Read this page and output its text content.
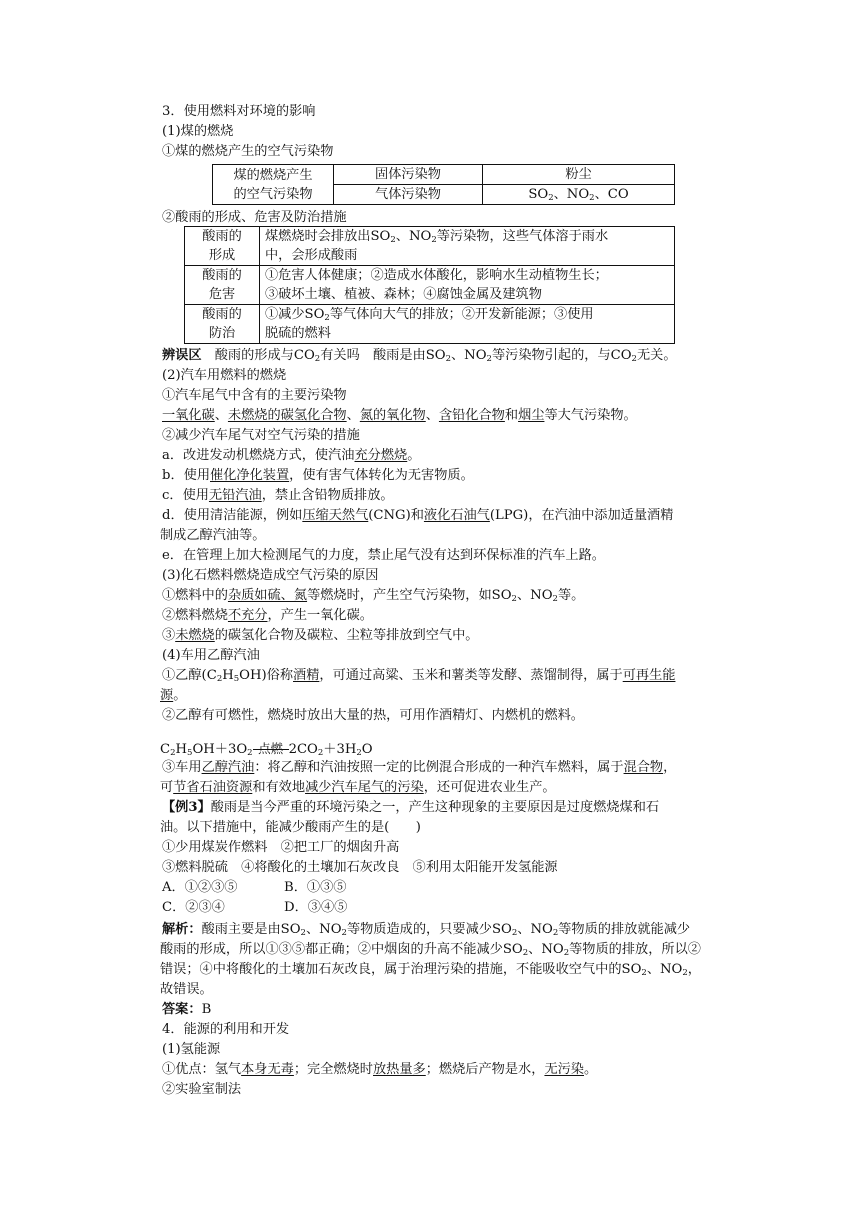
3．使用燃料对环境的影响
(1)煤的燃烧
①煤的燃烧产生的空气污染物
煤的燃烧产生
的空气污染物	固体污染物	粉尘
	气体污染物	$SO_2$、$NO_2$、CO
②酸雨的形成、危害及防治措施
酸雨的
形成	煤燃烧时会排放出$SO_2$、$NO_2$等污染物，这些气体溶于雨水
中，会形成酸雨
酸雨的
危害	①危害人体健康；②造成水体酸化，影响水生动植物生长；
③破坏土壤、植被、森林；④腐蚀金属及建筑物
酸雨的
防治	①减少$SO_2$等气体向大气的排放；②开发新能源；③使用
脱硫的燃料
辨误区　酸雨的形成与$CO_2$有关吗　酸雨是由$SO_2$、$NO_2$等污染物引起的，与$CO_2$无关。
(2)汽车用燃料的燃烧
①汽车尾气中含有的主要污染物
一氧化碳、未燃烧的碳氢化合物、氮的氧化物、含铅化合物和烟尘等大气污染物。
②减少汽车尾气对空气污染的措施
a．改进发动机燃烧方式，使汽油充分燃烧。
b．使用催化净化装置，使有害气体转化为无害物质。
c．使用无铅汽油，禁止含铅物质排放。
d．使用清洁能源，例如压缩天然气(CNG)和液化石油气(LPG)，在汽油中添加适量酒精
制成乙醇汽油等。
e．在管理上加大检测尾气的力度，禁止尾气没有达到环保标准的汽车上路。
(3)化石燃料燃烧造成空气污染的原因
①燃料中的杂质如硫、氮等燃烧时，产生空气污染物，如$SO_2$、$NO_2$等。
②燃料燃烧不充分，产生一氧化碳。
③未燃烧的碳氢化合物及碳粒、尘粒等排放到空气中。
(4)车用乙醇汽油
①乙醇$(C_2H_5OH)$俗称酒精，可通过高粱、玉米和薯类等发酵、蒸馏制得，属于可再生能
源。
②乙醇有可燃性，燃烧时放出大量的热，可用作酒精灯、内燃机的燃料。
$C_2H_5OH+3O_2$ 点燃 $2CO_2+3H_2O$
③车用乙醇汽油：将乙醇和汽油按照一定的比例混合形成的一种汽车燃料，属于混合物，
可节省石油资源和有效地减少汽车尾气的污染，还可促进农业生产。
【例3】酸雨是当今严重的环境污染之一，产生这种现象的主要原因是过度燃烧煤和石
油。以下措施中，能减少酸雨产生的是(　　)
①少用煤炭作燃料　②把工厂的烟囱升高
③燃料脱硫　④将酸化的土壤加石灰改良　⑤利用太阳能开发氢能源
A．①②③⑤	B．①③⑤
C．②③④	D．③④⑤
解析：酸雨主要是由$SO_2$、$NO_2$等物质造成的，只要减少$SO_2$、$NO_2$等物质的排放就能减少
酸雨的形成，所以①③⑤都正确；②中烟囱的升高不能减少$SO_2$、$NO_2$等物质的排放，所以②
错误；④中将酸化的土壤加石灰改良，属于治理污染的措施，不能吸收空气中的$SO_2$、$NO_2$，
故错误。
答案：B
4．能源的利用和开发
(1)氢能源
①优点：氢气本身无毒；完全燃烧时放热量多；燃烧后产物是水，无污染。
②实验室制法
